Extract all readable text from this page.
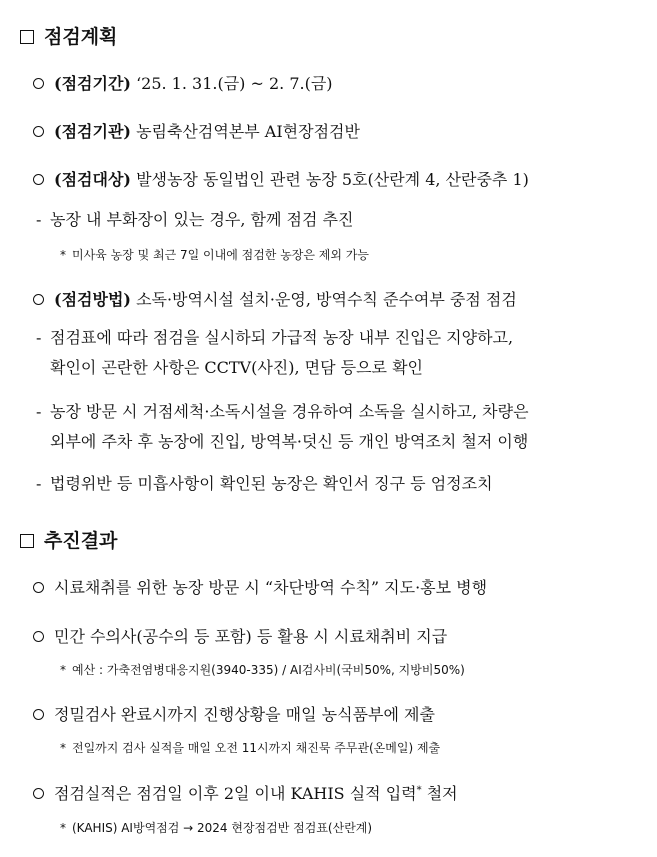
점검계획
(점검기간) ‘25. 1. 31.(금) ~ 2. 7.(금)
(점검기관) 농림축산검역본부 AI현장점검반
(점검대상) 발생농장 동일법인 관련 농장 5호(산란계 4, 산란중추 1)
- 농장 내 부화장이 있는 경우, 함께 점검 추진
* 미사육 농장 및 최근 7일 이내에 점검한 농장은 제외 가능
(점검방법) 소독·방역시설 설치·운영, 방역수칙 준수여부 중점 점검
- 점검표에 따라 점검을 실시하되 가급적 농장 내부 진입은 지양하고,
확인이 곤란한 사항은 CCTV(사진), 면담 등으로 확인
- 농장 방문 시 거점세척·소독시설을 경유하여 소독을 실시하고, 차량은
외부에 주차 후 농장에 진입, 방역복·덧신 등 개인 방역조치 철저 이행
- 법령위반 등 미흡사항이 확인된 농장은 확인서 징구 등 엄정조치
추진결과
시료채취를 위한 농장 방문 시 “차단방역 수칙” 지도·홍보 병행
민간 수의사(공수의 등 포함) 등 활용 시 시료채취비 지급
* 예산 : 가축전염병대응지원(3940-335) / AI검사비(국비50%, 지방비50%)
정밀검사 완료시까지 진행상황을 매일 농식품부에 제출
* 전일까지 검사 실적을 매일 오전 11시까지 채진묵 주무관(온메일) 제출
점검실적은 점검일 이후 2일 이내 KAHIS 실적 입력* 철저
* (KAHIS) AI방역점검 → 2024 현장점검반 점검표(산란계)
